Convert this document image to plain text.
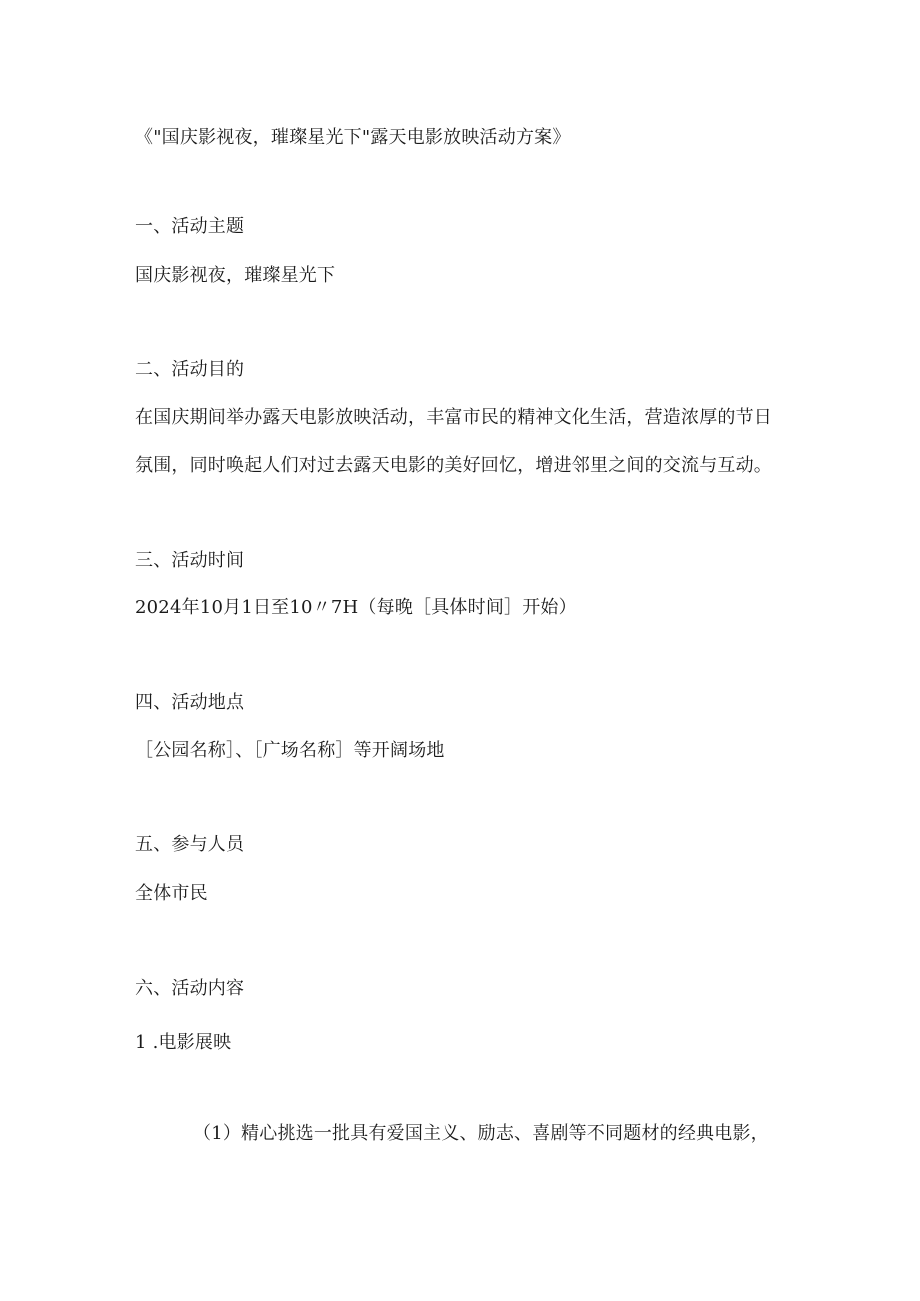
《"国庆影视夜，璀璨星光下"露天电影放映活动方案》
一、活动主题
国庆影视夜，璀璨星光下
二、活动目的
在国庆期间举办露天电影放映活动，丰富市民的精神文化生活，营造浓厚的节日
氛围，同时唤起人们对过去露天电影的美好回忆，增进邻里之间的交流与互动。
三、活动时间
2024年10月1日至10〃7H（每晚［具体时间］开始）
四、活动地点
［公园名称］、［广场名称］等开阔场地
五、参与人员
全体市民
六、活动内容
1 .电影展映
（1）精心挑选一批具有爱国主义、励志、喜剧等不同题材的经典电影，
